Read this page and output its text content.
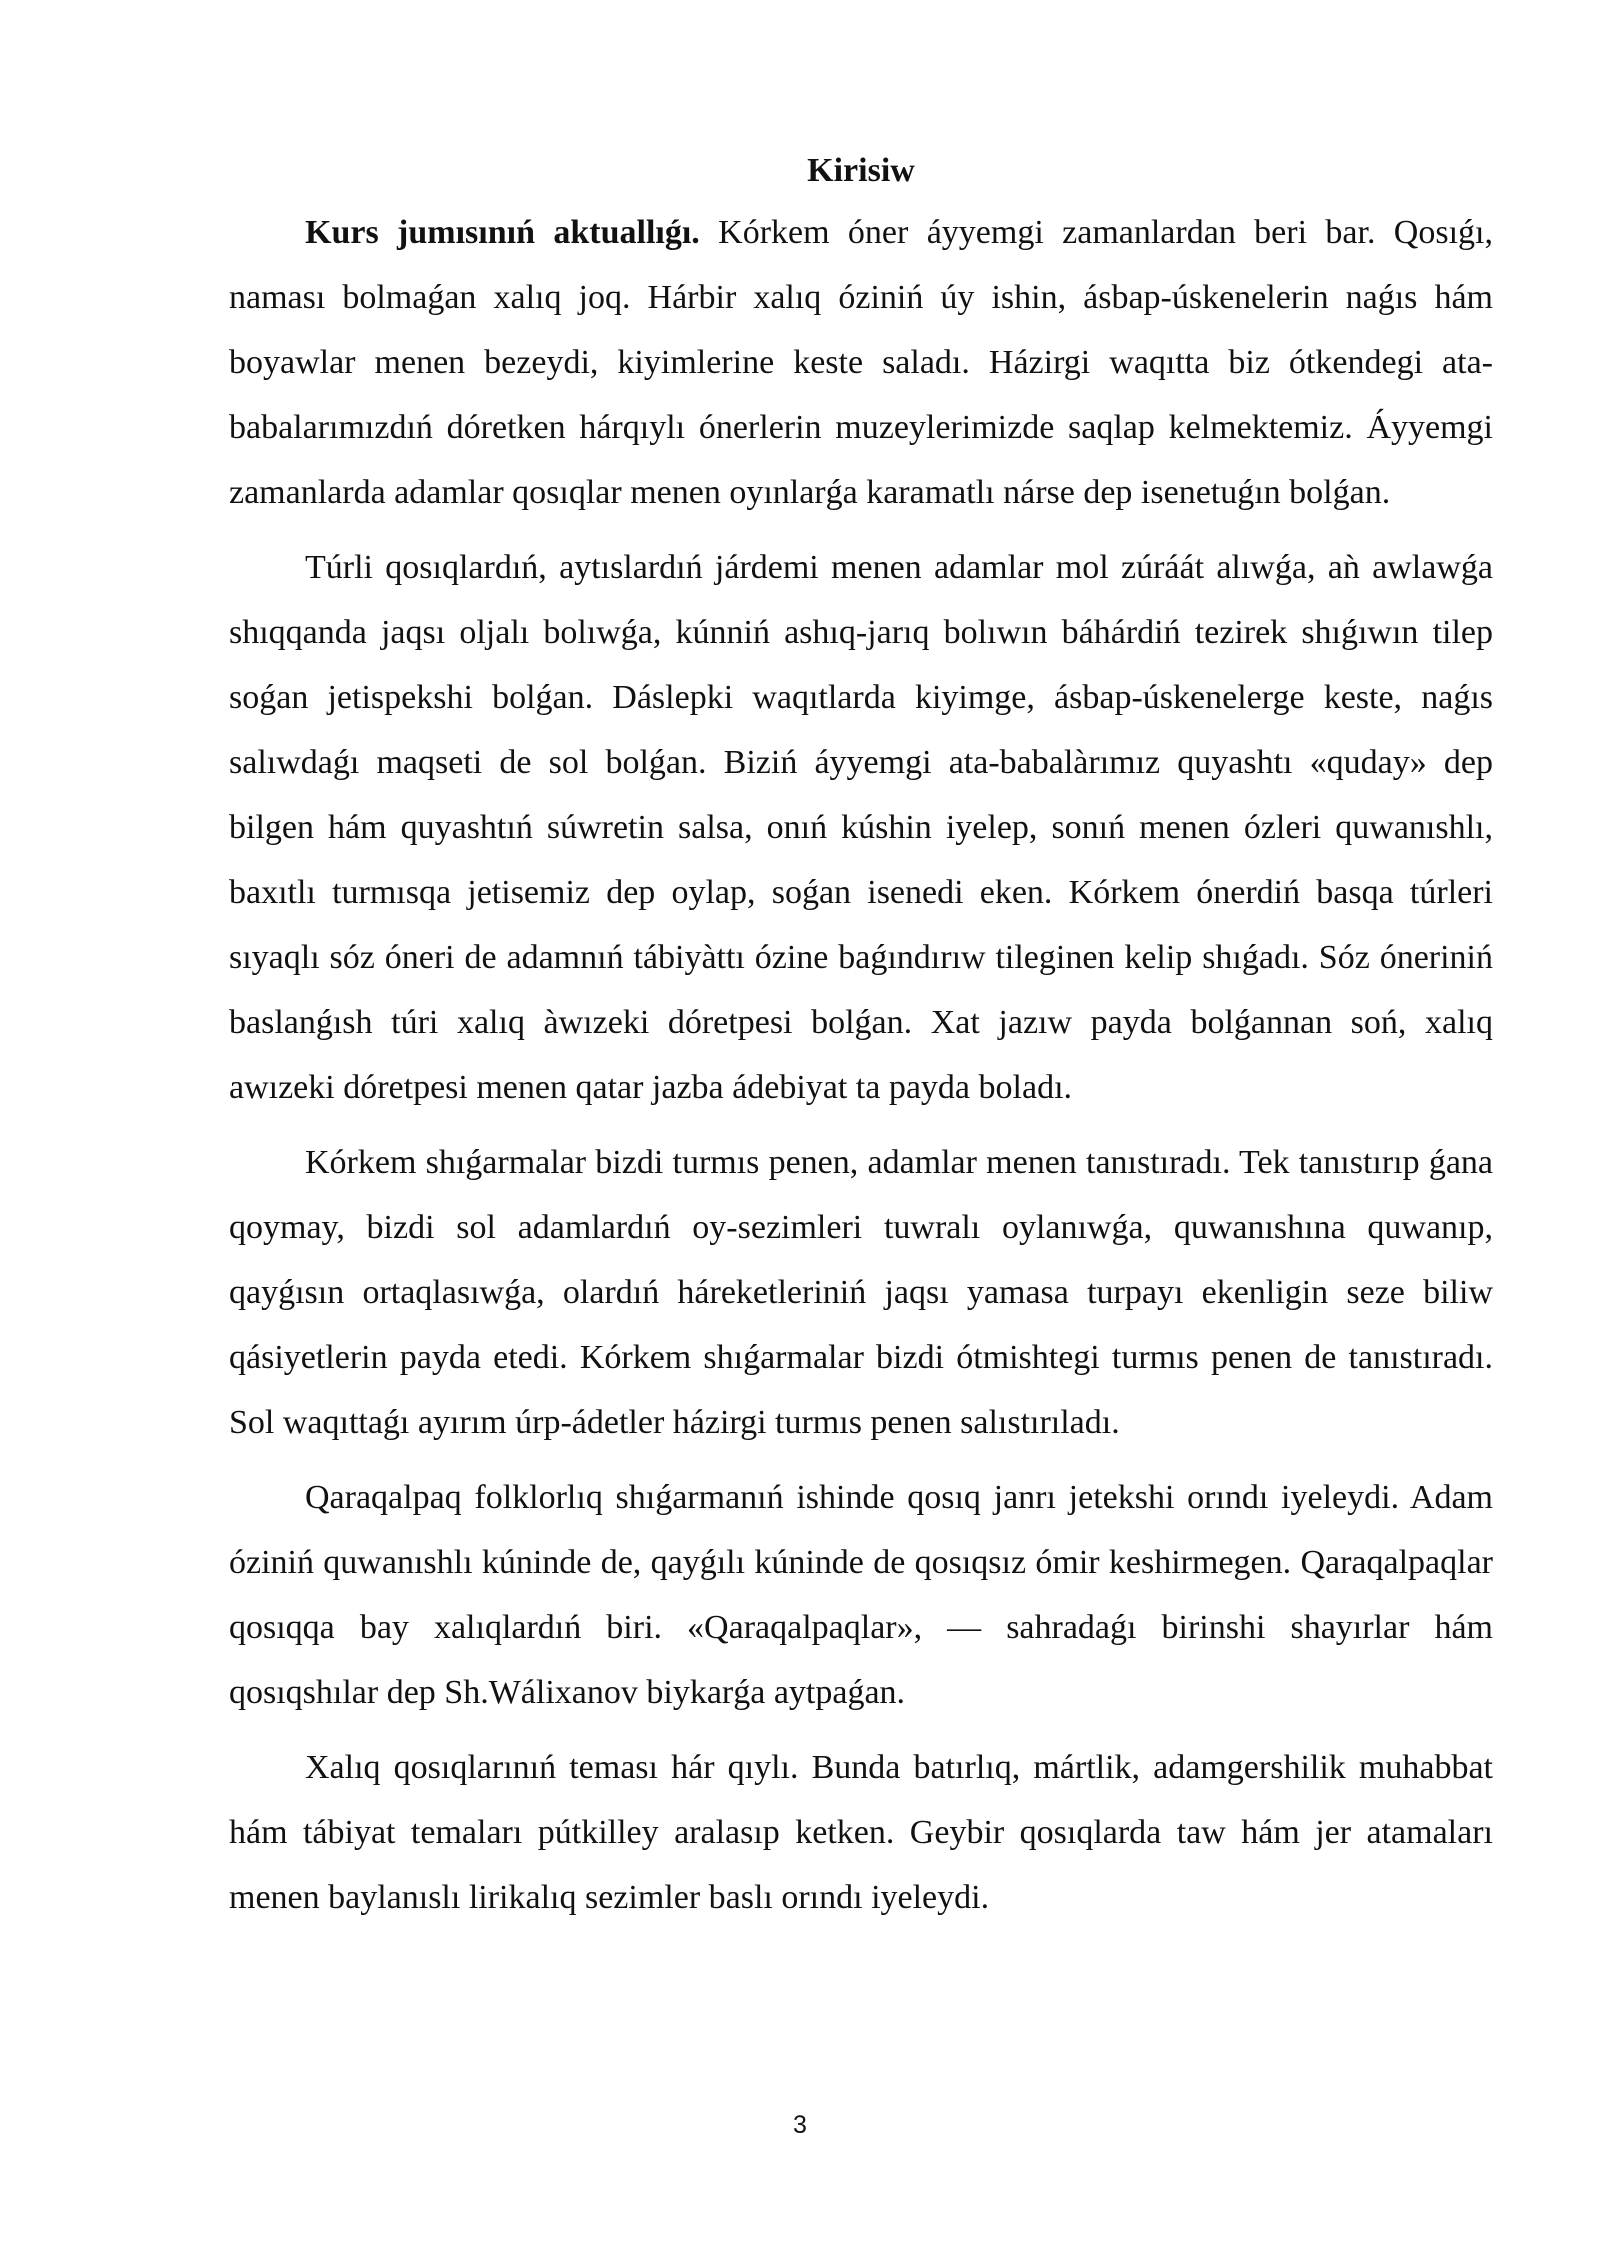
Kirisiw

Kurs jumısınıń aktuallıǵı. Kórkem óner áyyemgi zamanlardan beri bar. Qosıǵı, naması bolmaǵan xalıq joq. Hárbir xalıq óziniń úy ishin, ásbap-úskenelerin naǵıs hám boyawlar menen bezeydi, kiyimlerine keste saladı. Házirgi waqıtta biz ótkendegi ata-babalarımızdıń dóretken hárqıylı ónerlerin muzeylerimizde saqlap kelmektemiz. Áyyemgi zamanlarda adamlar qosıqlar menen oyınlarǵa karamatlı nárse dep isenetuǵın bolǵan.

Túrli qosıqlardıń, aytıslardıń járdemi menen adamlar mol zúráát alıwǵa, aǹ awlawǵa shıqqanda jaqsı oljalı bolıwǵa, kúnniń ashıq-jarıq bolıwın báhárdiń tezirek shıǵıwın tilep soǵan jetispekshi bolǵan. Dáslepki waqıtlarda kiyimge, ásbap-úskenelerge keste, naǵıs salıwdaǵı maqseti de sol bolǵan. Biziń áyyemgi ata-babalàrımız quyashtı «quday» dep bilgen hám quyashtıń súwretin salsa, onıń kúshin iyelep, sonıń menen ózleri quwanıshlı, baxıtlı turmısqa jetisemiz dep oylap, soǵan isenedi eken. Kórkem ónerdiń basqa túrleri sıyaqlı sóz óneri de adamnıń tábiyàttı ózine baǵındırıw tileginen kelip shıǵadı. Sóz óneriniń baslanǵısh túri xalıq àwızeki dóretpesi bolǵan. Xat jazıw payda bolǵannan soń, xalıq awızeki dóretpesi menen qatar jazba ádebiyat ta payda boladı.

Kórkem shıǵarmalar bizdi turmıs penen, adamlar menen tanıstıradı. Tek tanıstırıp ǵana qoymay, bizdi sol adamlardıń oy-sezimleri tuwralı oylanıwǵa, quwanıshına quwanıp, qayǵısın ortaqlasıwǵa, olardıń háreketleriniń jaqsı yamasa turpayı ekenligin seze biliw qásiyetlerin payda etedi. Kórkem shıǵarmalar bizdi ótmishtegi turmıs penen de tanıstıradı. Sol waqıttaǵı ayırım úrp-ádetler házirgi turmıs penen salıstırıladı.

Qaraqalpaq folklorlıq shıǵarmanıń ishinde qosıq janrı jetekshi orındı iyeleydi. Adam óziniń quwanıshlı kúninde de, qayǵılı kúninde de qosıqsız ómir keshirmegen. Qaraqalpaqlar qosıqqa bay xalıqlardıń biri. «Qaraqalpaqlar», — sahradaǵı birinshi shayırlar hám qosıqshılar dep Sh.Wálixanov biykarǵa aytpaǵan.

Xalıq qosıqlarınıń teması hár qıylı. Bunda batırlıq, mártlik, adamgershilik muhabbat hám tábiyat temaları pútkilley aralasıp ketken. Geybir qosıqlarda taw hám jer atamaları menen baylanıslı lirikalıq sezimler baslı orındı iyeleydi.

3
